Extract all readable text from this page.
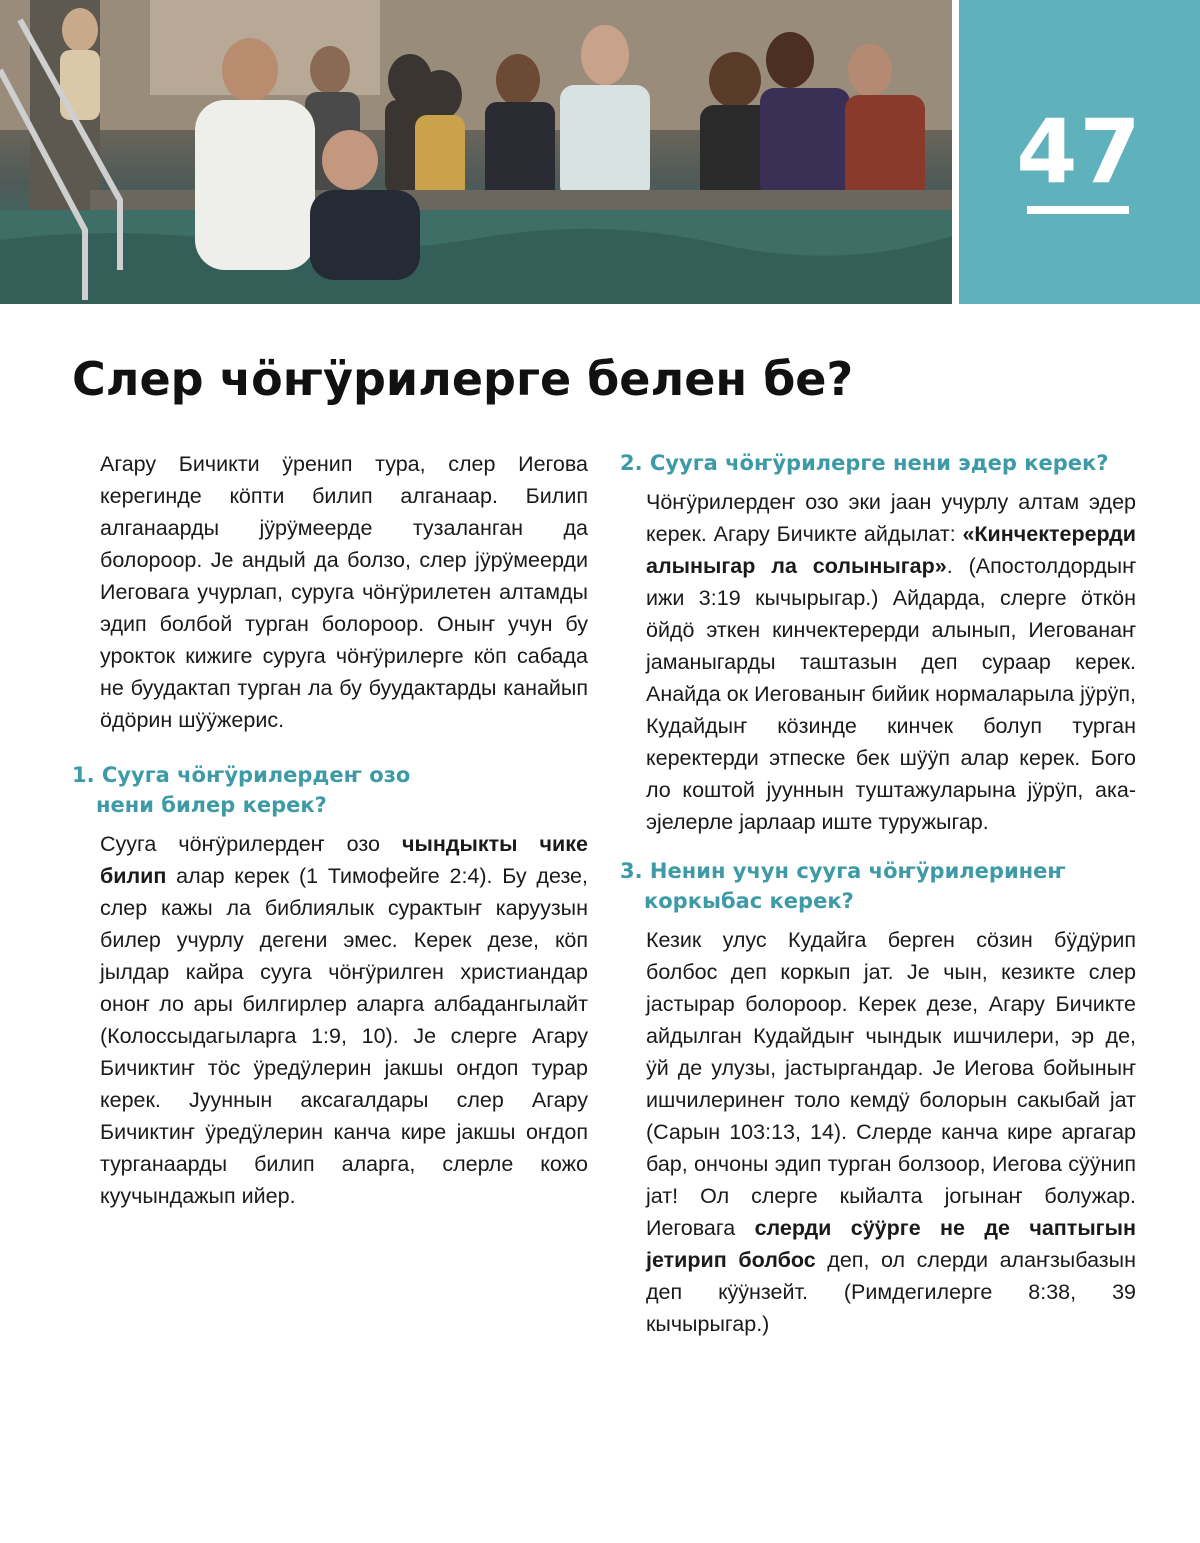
47
Слер чӧҥӱрилерге белен бе?

Агару Бичикти ӱренип тура, слер Иегова керегинде кӧпти билип алганаар. Билип алганаарды јӱрӱмеерде тузаланган да болороор. Је андый да болзо, слер јӱрӱмеерди Иеговага учурлап, суруга чӧҥӱрилетен алтамды эдип болбой турган болороор. Оныҥ учун бу урокток кижиге суруга чӧҥӱрилерге кӧп сабада не буудактап турган ла бу буудактарды канайып ӧдӧрин шӱӱжерис.

1. Сууга чӧҥӱрилердеҥ озо
нени билер керек?

Сууга чӧҥӱрилердеҥ озо чындыкты чике билип алар керек (1 Тимофейге 2:4). Бу дезе, слер кажы ла библиялык сурактыҥ каруузын билер учурлу дегени эмес. Керек дезе, кӧп јылдар кайра сууга чӧҥӱрилген христиандар оноҥ ло ары билгирлер аларга албадангылайт (Колоссыдагыларга 1:9, 10). Је слерге Агару Бичиктиҥ тӧс ӱредӱлерин јакшы оҥдоп турар керек. Јууннын аксагалдары слер Агару Бичиктиҥ ӱредӱлерин канча кире јакшы оҥдоп турганаарды билип аларга, слерле кожо куучындажып ийер.

2. Сууга чӧҥӱрилерге нени эдер керек?

Чӧҥӱрилердеҥ озо эки јаан учурлу алтам эдер керек. Агару Бичикте айдылат: «Кинчектерерди алыныгар ла солыныгар». (Апостолдордыҥ ижи 3:19 кычырыгар.) Айдарда, слерге ӧткӧн ӧйдӧ эткен кинчектерерди алынып, Иегованаҥ јаманыгарды таштазын деп сураар керек. Анайда ок Иегованыҥ бийик нормаларыла јӱрӱп, Кудайдыҥ кӧзинде кинчек болуп турган керектерди этпеске бек шӱӱп алар керек. Бого ло коштой јууннын туштажуларына јӱрӱп, ака-эјелерле јарлаар иште туружыгар.

3. Ненин учун сууга чӧҥӱрилеринеҥ
коркыбас керек?

Кезик улус Кудайга берген сӧзин бӱдӱрип болбос деп коркып јат. Је чын, кезикте слер јастырар болороор. Керек дезе, Агару Бичикте айдылган Кудайдыҥ чындык ишчилери, эр де, ӱй де улузы, јастыргандар. Је Иегова бойыныҥ ишчилеринеҥ толо кемдӱ болорын сакыбай јат (Сарын 103:13, 14). Слерде канча кире аргагар бар, ончоны эдип турган болзоор, Иегова сӱӱнип јат! Ол слерге кыйалта јогынаҥ болужар. Иеговага слерди сӱӱрге не де чаптыгын јетирип болбос деп, ол слерди алаҥзыбазын деп кӱӱнзейт. (Римдегилерге 8:38, 39 кычырыгар.)
